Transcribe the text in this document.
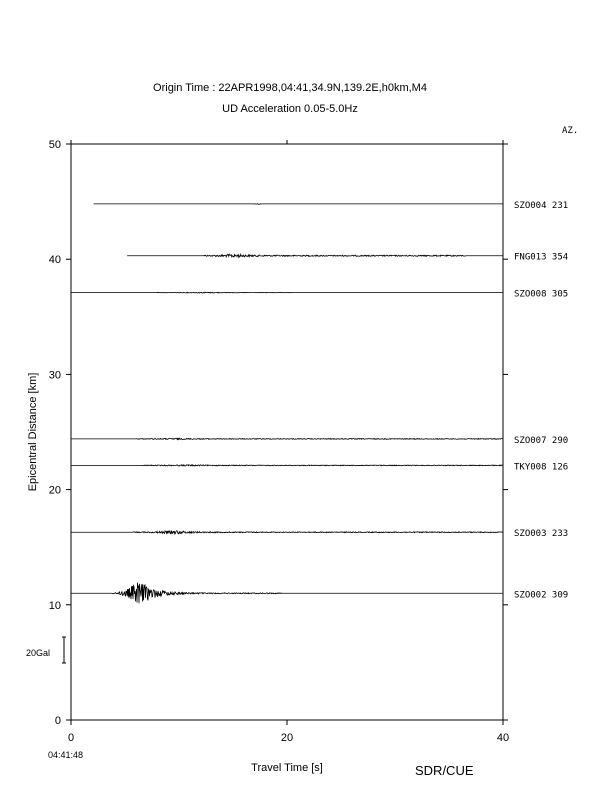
Origin Time : 22APR1998,04:41,34.9N,139.2E,h0km,M4
UD Acceleration 0.05-5.0Hz
AZ.
04:41:48
SDR/CUE
0
10
20
30
40
50
0	20	40
SZO004 231
FNG013 354
SZO008 305
SZO007 290
TKY008 126
SZO003 233
SZO002 309
Travel Time [s]
Epicentral Distance [km]
20Gal
